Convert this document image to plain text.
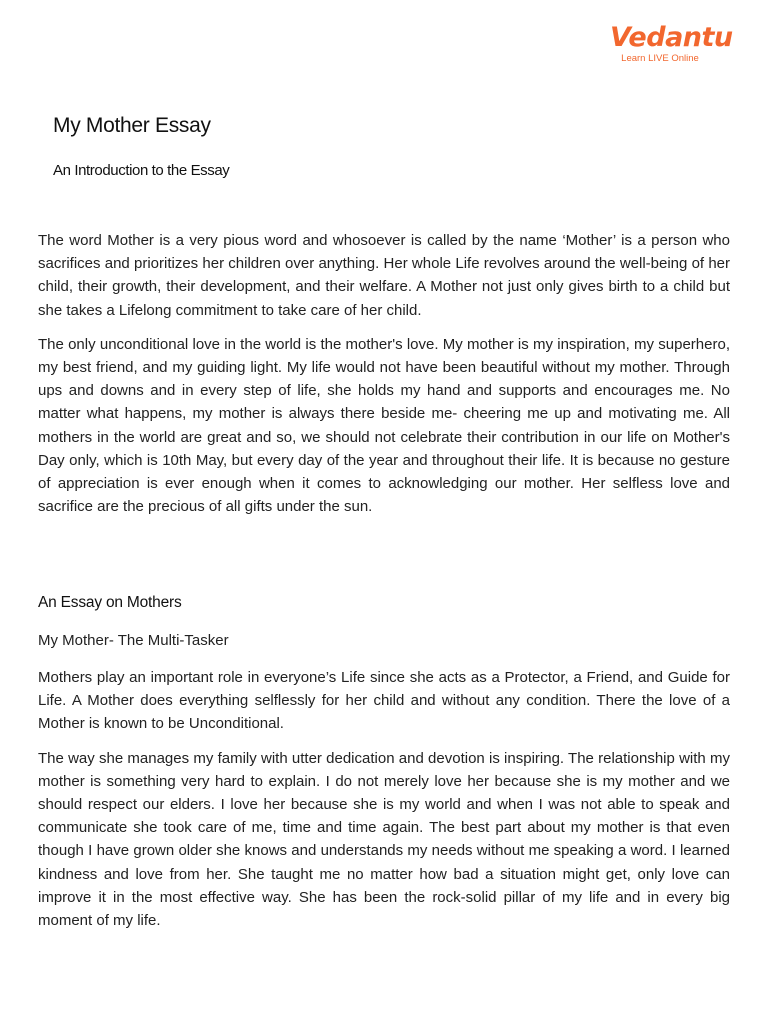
Vedantu
Learn LIVE Online
My Mother Essay
An Introduction to the Essay

The word Mother is a very pious word and whosoever is called by the name ‘Mother’ is a person who sacrifices and prioritizes her children over anything. Her whole Life revolves around the well-being of her child, their growth, their development, and their welfare. A Mother not just only gives birth to a child but she takes a Lifelong commitment to take care of her child.

The only unconditional love in the world is the mother's love. My mother is my inspiration, my superhero, my best friend, and my guiding light. My life would not have been beautiful without my mother. Through ups and downs and in every step of life, she holds my hand and supports and encourages me. No matter what happens, my mother is always there beside me- cheering me up and motivating me. All mothers in the world are great and so, we should not celebrate their contribution in our life on Mother's Day only, which is 10th May, but every day of the year and throughout their life. It is because no gesture of appreciation is ever enough when it comes to acknowledging our mother. Her selfless love and sacrifice are the precious of all gifts under the sun.

An Essay on Mothers

My Mother- The Multi-Tasker

Mothers play an important role in everyone’s Life since she acts as a Protector, a Friend, and Guide for Life. A Mother does everything selflessly for her child and without any condition. There the love of a Mother is known to be Unconditional.

The way she manages my family with utter dedication and devotion is inspiring. The relationship with my mother is something very hard to explain. I do not merely love her because she is my mother and we should respect our elders. I love her because she is my world and when I was not able to speak and communicate she took care of me, time and time again. The best part about my mother is that even though I have grown older she knows and understands my needs without me speaking a word. I learned kindness and love from her. She taught me no matter how bad a situation might get, only love can improve it in the most effective way. She has been the rock-solid pillar of my life and in every big moment of my life.
